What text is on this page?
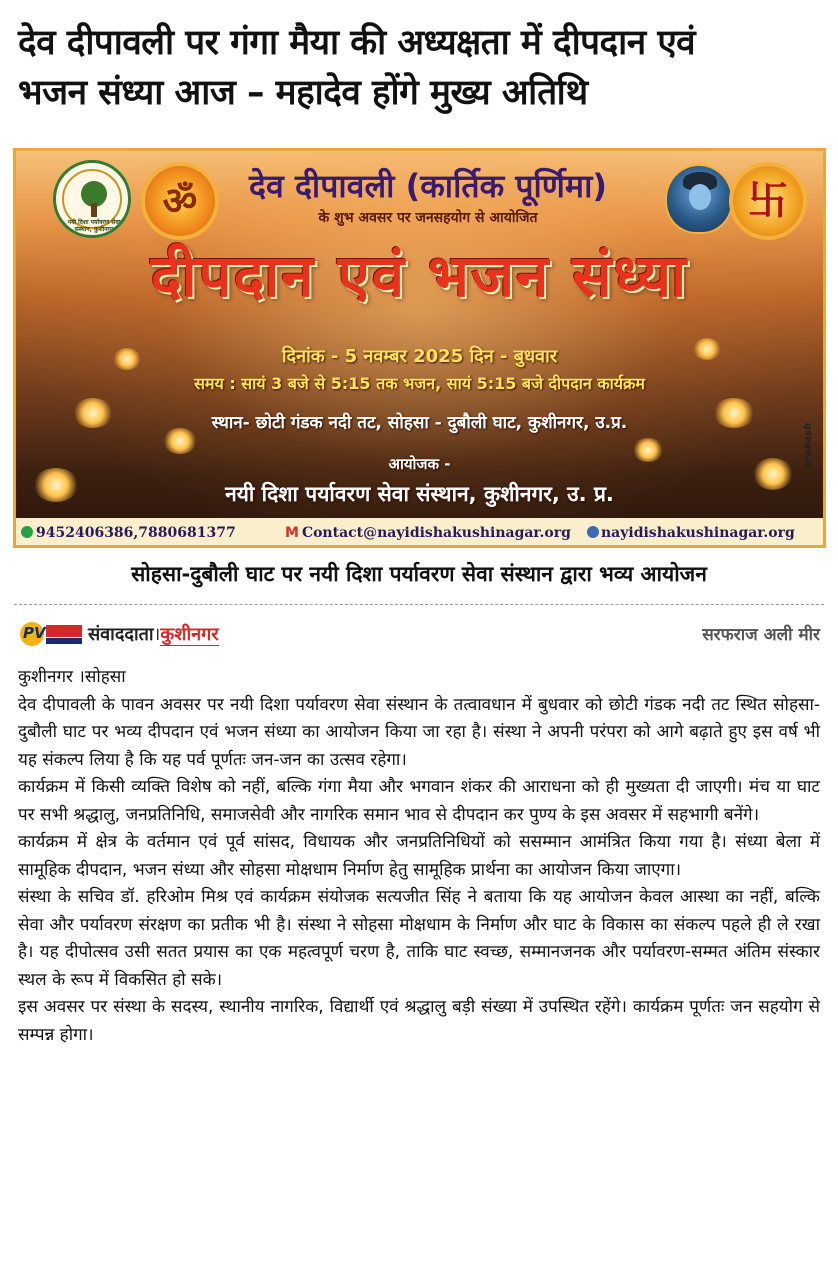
देव दीपावली पर गंगा मैया की अध्यक्षता में दीपदान एवं
भजन संध्या आज – महादेव होंगे मुख्य अतिथि
नयी दिशा पर्यावरण सेवा संस्थान, कुशीनगर
ॐ	卐
देव दीपावली (कार्तिक पूर्णिमा)
के शुभ अवसर पर जनसहयोग से आयोजित
दीपदान एवं भजन संध्या
दिनांक - 5 नवम्बर 2025 दिन - बुधवार
समय : सायं 3 बजे से 5:15 तक भजन, सायं 5:15 बजे दीपदान कार्यक्रम
स्थान- छोटी गंडक नदी तट, सोहसा - दुबौली घाट, कुशीनगर, उ.प्र.
आयोजक -
नयी दिशा पर्यावरण सेवा संस्थान, कुशीनगर, उ. प्र.
prakash
9452406386,7880681377	M Contact@nayidishakushinagar.org	nayidishakushinagar.org
सोहसा-दुबौली घाट पर नयी दिशा पर्यावरण सेवा संस्थान द्वारा भव्य आयोजन
PV संवाददाता।कुशीनगर	सरफराज अली मीर

कुशीनगर ।सोहसा

देव दीपावली के पावन अवसर पर नयी दिशा पर्यावरण सेवा संस्थान के तत्वावधान में बुधवार को छोटी गंडक नदी तट स्थित सोहसा-दुबौली घाट पर भव्य दीपदान एवं भजन संध्या का आयोजन किया जा रहा है। संस्था ने अपनी परंपरा को आगे बढ़ाते हुए इस वर्ष भी यह संकल्प लिया है कि यह पर्व पूर्णतः जन-जन का उत्सव रहेगा।

कार्यक्रम में किसी व्यक्ति विशेष को नहीं, बल्कि गंगा मैया और भगवान शंकर की आराधना को ही मुख्यता दी जाएगी। मंच या घाट पर सभी श्रद्धालु, जनप्रतिनिधि, समाजसेवी और नागरिक समान भाव से दीपदान कर पुण्य के इस अवसर में सहभागी बनेंगे।

कार्यक्रम में क्षेत्र के वर्तमान एवं पूर्व सांसद, विधायक और जनप्रतिनिधियों को ससम्मान आमंत्रित किया गया है। संध्या बेला में सामूहिक दीपदान, भजन संध्या और सोहसा मोक्षधाम निर्माण हेतु सामूहिक प्रार्थना का आयोजन किया जाएगा।

संस्था के सचिव डॉ. हरिओम मिश्र एवं कार्यक्रम संयोजक सत्यजीत सिंह ने बताया कि यह आयोजन केवल आस्था का नहीं, बल्कि सेवा और पर्यावरण संरक्षण का प्रतीक भी है। संस्था ने सोहसा मोक्षधाम के निर्माण और घाट के विकास का संकल्प पहले ही ले रखा है। यह दीपोत्सव उसी सतत प्रयास का एक महत्वपूर्ण चरण है, ताकि घाट स्वच्छ, सम्मानजनक और पर्यावरण-सम्मत अंतिम संस्कार स्थल के रूप में विकसित हो सके।

इस अवसर पर संस्था के सदस्य, स्थानीय नागरिक, विद्यार्थी एवं श्रद्धालु बड़ी संख्या में उपस्थित रहेंगे। कार्यक्रम पूर्णतः जन सहयोग से सम्पन्न होगा।
